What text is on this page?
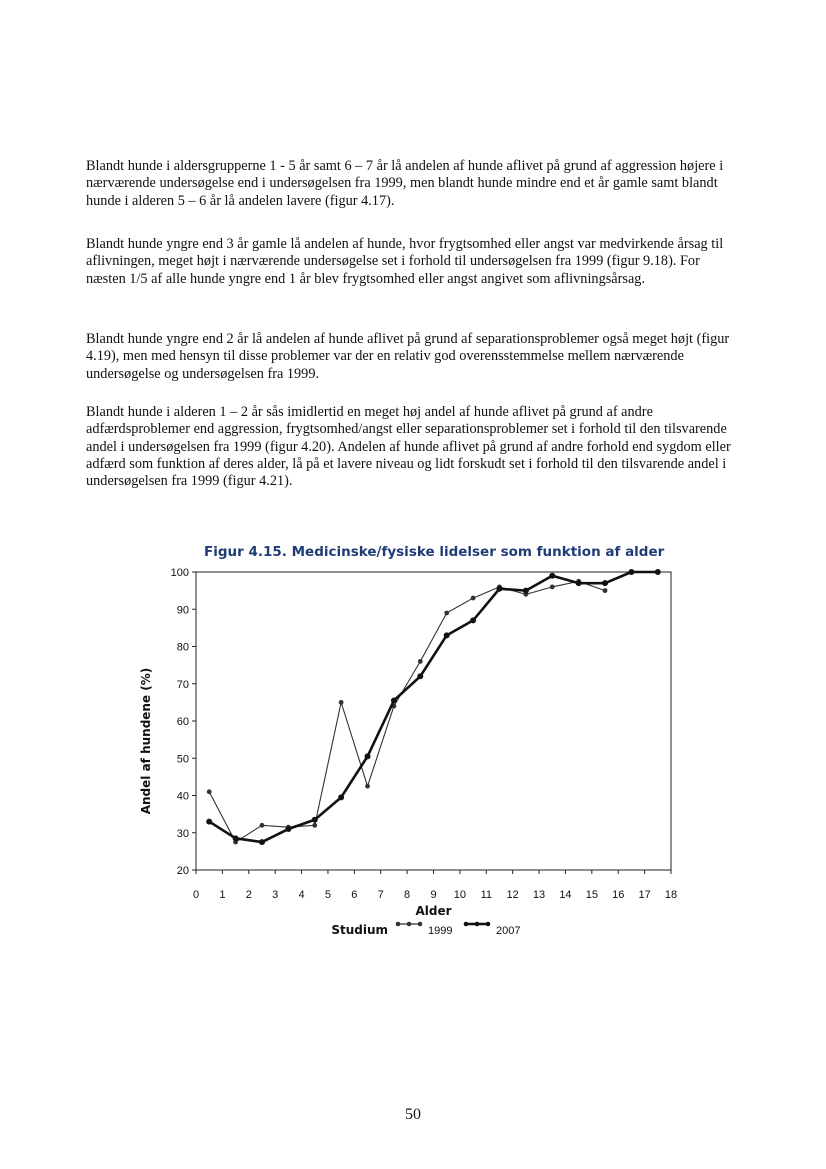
Blandt hunde i aldersgrupperne 1 - 5 år samt 6 – 7 år lå andelen af hunde aflivet på grund af aggression højere i nærværende undersøgelse end i undersøgelsen fra 1999, men blandt hunde mindre end et år gamle samt blandt hunde i alderen 5 – 6 år lå andelen lavere (figur 4.17).

Blandt hunde yngre end 3 år gamle lå andelen af hunde, hvor frygtsomhed eller angst var medvirkende årsag til aflivningen, meget højt i nærværende undersøgelse set i forhold til undersøgelsen fra 1999 (figur 9.18). For næsten 1/5 af alle hunde yngre end 1 år blev frygtsomhed eller angst angivet som aflivningsårsag.

Blandt hunde yngre end 2 år lå andelen af hunde aflivet på grund af separationsproblemer også meget højt (figur 4.19), men med hensyn til disse problemer var der en relativ god overensstemmelse mellem nærværende undersøgelse og undersøgelsen fra 1999.

Blandt hunde i alderen 1 – 2 år sås imidlertid en meget høj andel af hunde aflivet på grund af andre adfærdsproblemer end aggression, frygtsomhed/angst eller separationsproblemer set i forhold til den tilsvarende andel i undersøgelsen fra 1999 (figur 4.20). Andelen af hunde aflivet på grund af andre forhold end sygdom eller adfærd som funktion af deres alder, lå på et lavere niveau og lidt forskudt set i forhold til den tilsvarende andel i undersøgelsen fra 1999 (figur 4.21).

Figur 4.15. Medicinske/fysiske lidelser som funktion af alder
20
30
40
50
60
70
80
90
100
0 1 2 3 4 5 6 7 8 9 10 11 12 13 14 15 16 17 18
Alder
Andel af hundene (%)
Studium	1999	2007
50
